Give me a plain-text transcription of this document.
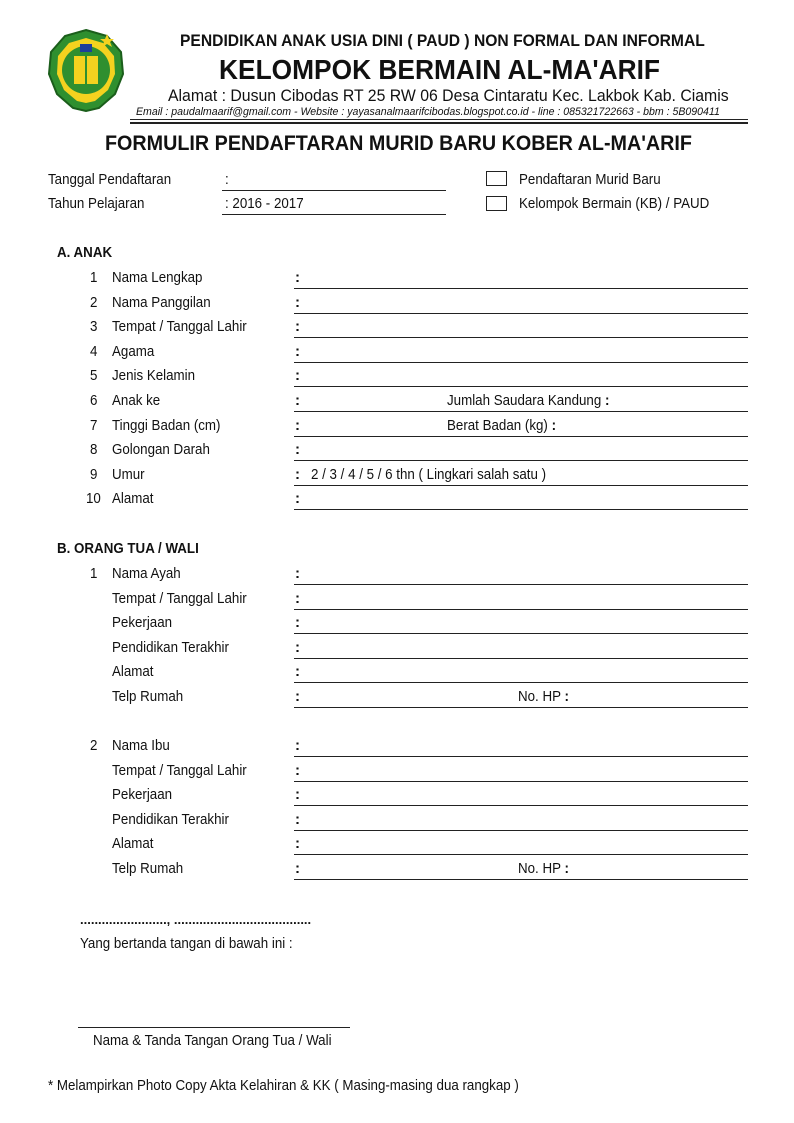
PENDIDIKAN ANAK USIA DINI ( PAUD ) NON FORMAL DAN INFORMAL
KELOMPOK BERMAIN AL-MA'ARIF
Alamat : Dusun Cibodas RT 25 RW 06 Desa Cintaratu Kec. Lakbok Kab. Ciamis
Email : paudalmaarif@gmail.com - Website : yayasanalmaarifcibodas.blogspot.co.id - line : 085321722663 - bbm : 5B090411
FORMULIR PENDAFTARAN MURID BARU KOBER AL-MA'ARIF
Tanggal Pendaftaran	:
Tahun Pelajaran	: 2016 - 2017
Pendaftaran Murid Baru
Kelompok Bermain (KB) / PAUD
A. ANAK
1 Nama Lengkap	:
2 Nama Panggilan	:
3 Tempat / Tanggal Lahir	:
4 Agama	:
5 Jenis Kelamin	:
6 Anak ke	:	Jumlah Saudara Kandung :
7 Tinggi Badan (cm)	:	Berat Badan (kg) :
8 Golongan Darah	:
9 Umur	: 2 / 3 / 4 / 5 / 6 thn ( Lingkari salah satu )
10 Alamat	:
B. ORANG TUA / WALI
1 Nama Ayah	:
Tempat / Tanggal Lahir	:
Pekerjaan	:
Pendidikan Terakhir	:
Alamat	:
Telp Rumah	:	No. HP :
2 Nama Ibu	:
Tempat / Tanggal Lahir	:
Pekerjaan	:
Pendidikan Terakhir	:
Alamat	:
Telp Rumah	:	No. HP :
........................, ......................................
Yang bertanda tangan di bawah ini :
Nama & Tanda Tangan Orang Tua / Wali
* Melampirkan Photo Copy Akta Kelahiran & KK ( Masing-masing dua rangkap )
